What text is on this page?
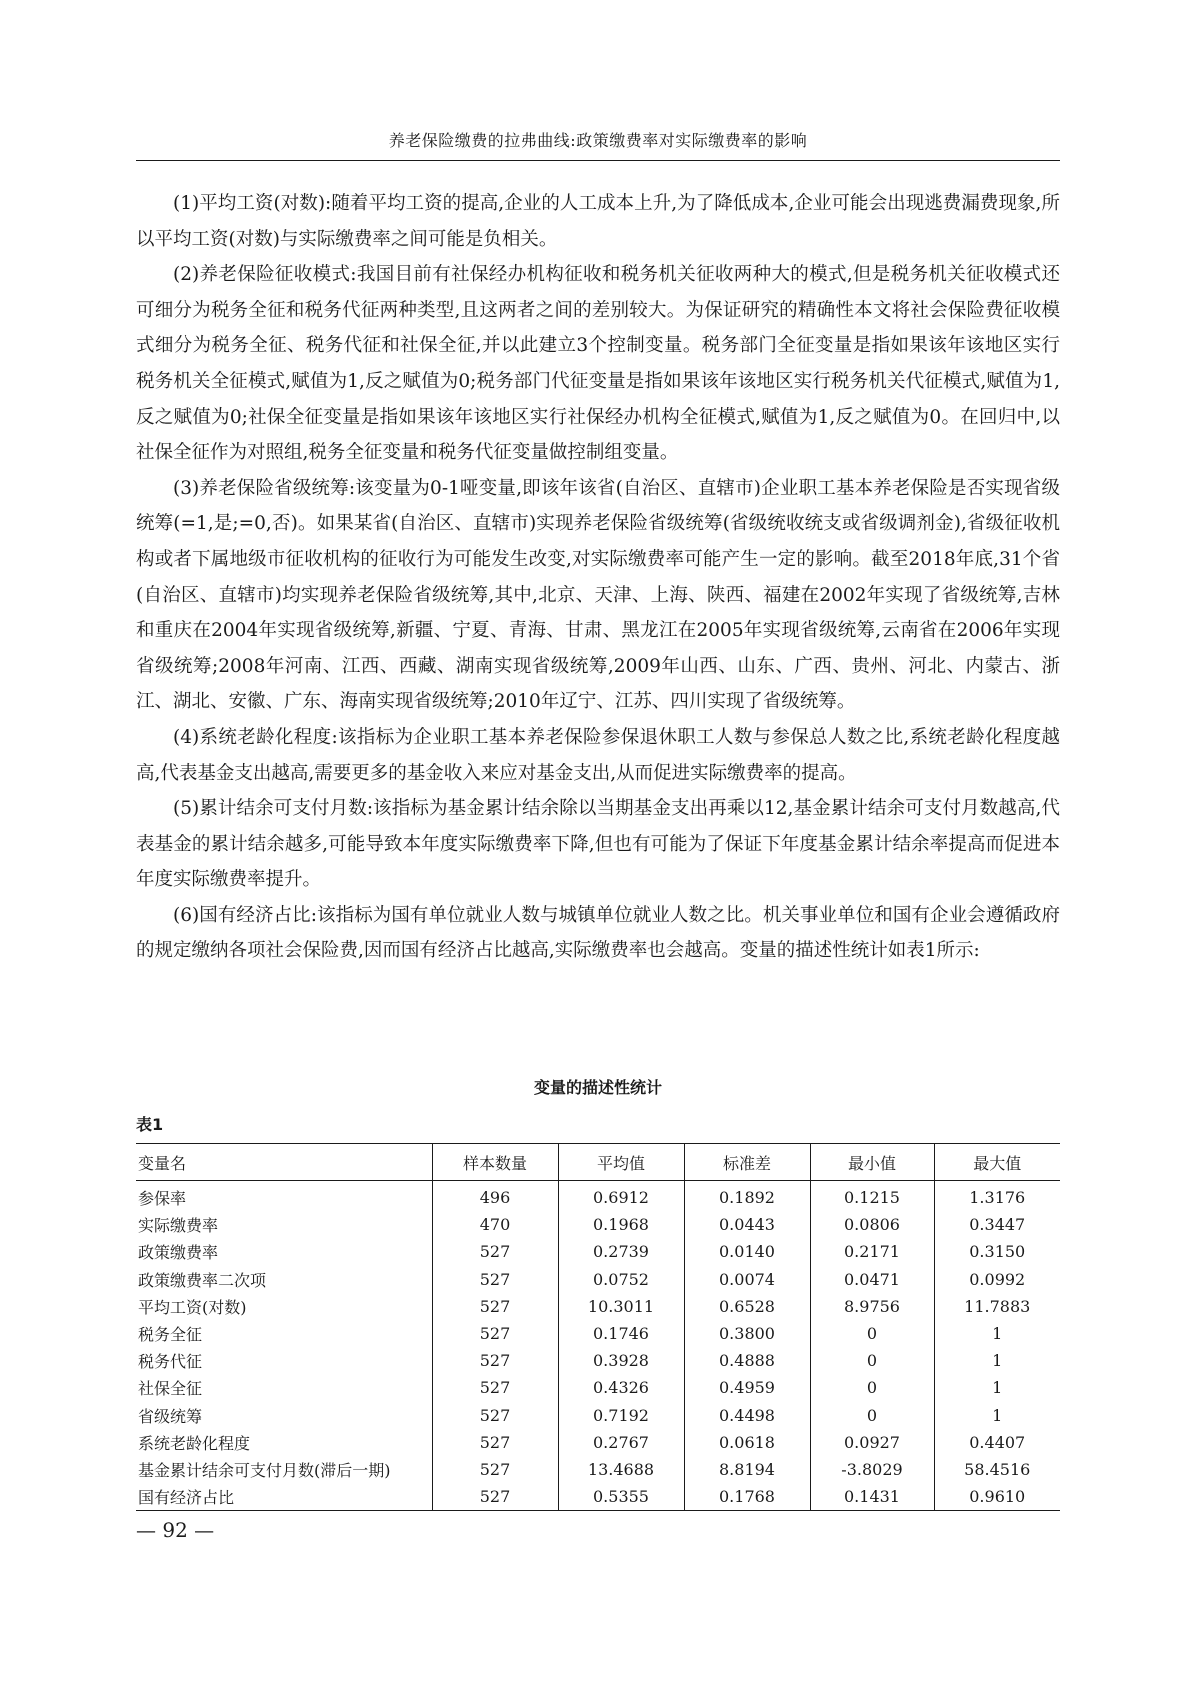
养老保险缴费的拉弗曲线:政策缴费率对实际缴费率的影响

(1)平均工资(对数):随着平均工资的提高,企业的人工成本上升,为了降低成本,企业可能会出现逃费漏费现象,所以平均工资(对数)与实际缴费率之间可能是负相关。

(2)养老保险征收模式:我国目前有社保经办机构征收和税务机关征收两种大的模式,但是税务机关征收模式还可细分为税务全征和税务代征两种类型,且这两者之间的差别较大。为保证研究的精确性本文将社会保险费征收模式细分为税务全征、税务代征和社保全征,并以此建立3个控制变量。税务部门全征变量是指如果该年该地区实行税务机关全征模式,赋值为1,反之赋值为0;税务部门代征变量是指如果该年该地区实行税务机关代征模式,赋值为1,反之赋值为0;社保全征变量是指如果该年该地区实行社保经办机构全征模式,赋值为1,反之赋值为0。在回归中,以社保全征作为对照组,税务全征变量和税务代征变量做控制组变量。

(3)养老保险省级统筹:该变量为0-1哑变量,即该年该省(自治区、直辖市)企业职工基本养老保险是否实现省级统筹(=1,是;=0,否)。如果某省(自治区、直辖市)实现养老保险省级统筹(省级统收统支或省级调剂金),省级征收机构或者下属地级市征收机构的征收行为可能发生改变,对实际缴费率可能产生一定的影响。截至2018年底,31个省(自治区、直辖市)均实现养老保险省级统筹,其中,北京、天津、上海、陕西、福建在2002年实现了省级统筹,吉林和重庆在2004年实现省级统筹,新疆、宁夏、青海、甘肃、黑龙江在2005年实现省级统筹,云南省在2006年实现省级统筹;2008年河南、江西、西藏、湖南实现省级统筹,2009年山西、山东、广西、贵州、河北、内蒙古、浙江、湖北、安徽、广东、海南实现省级统筹;2010年辽宁、江苏、四川实现了省级统筹。

(4)系统老龄化程度:该指标为企业职工基本养老保险参保退休职工人数与参保总人数之比,系统老龄化程度越高,代表基金支出越高,需要更多的基金收入来应对基金支出,从而促进实际缴费率的提高。

(5)累计结余可支付月数:该指标为基金累计结余除以当期基金支出再乘以12,基金累计结余可支付月数越高,代表基金的累计结余越多,可能导致本年度实际缴费率下降,但也有可能为了保证下年度基金累计结余率提高而促进本年度实际缴费率提升。

(6)国有经济占比:该指标为国有单位就业人数与城镇单位就业人数之比。机关事业单位和国有企业会遵循政府的规定缴纳各项社会保险费,因而国有经济占比越高,实际缴费率也会越高。变量的描述性统计如表1所示:

变量的描述性统计
表1
变量名	样本数量	平均值	标准差	最小值	最大值
参保率	496	0.6912	0.1892	0.1215	1.3176
实际缴费率	470	0.1968	0.0443	0.0806	0.3447
政策缴费率	527	0.2739	0.0140	0.2171	0.3150
政策缴费率二次项	527	0.0752	0.0074	0.0471	0.0992
平均工资(对数)	527	10.3011	0.6528	8.9756	11.7883
税务全征	527	0.1746	0.3800	0	1
税务代征	527	0.3928	0.4888	0	1
社保全征	527	0.4326	0.4959	0	1
省级统筹	527	0.7192	0.4498	0	1
系统老龄化程度	527	0.2767	0.0618	0.0927	0.4407
基金累计结余可支付月数(滞后一期)	527	13.4688	8.8194	-3.8029	58.4516
国有经济占比	527	0.5355	0.1768	0.1431	0.9610
— 92 —
